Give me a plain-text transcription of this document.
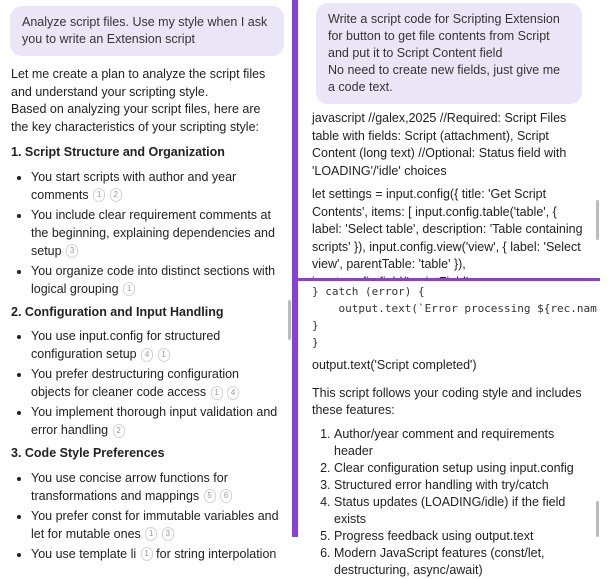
Analyze script files. Use my style when I ask you to write an Extension script

Let me create a plan to analyze the script files and understand your scripting style.

Based on analyzing your script files, here are the key characteristics of your scripting style:

1. Script Structure and Organization
• You start scripts with author and year comments 1 2
• You include clear requirement comments at the beginning, explaining dependencies and setup 3
• You organize code into distinct sections with logical grouping 1
2. Configuration and Input Handling
• You use input.config for structured configuration setup 4 1
• You prefer destructuring configuration objects for cleaner code access 1 4
• You implement thorough input validation and error handling 2
3. Code Style Preferences
• You use concise arrow functions for transformations and mappings 5 6
• You prefer const for immutable variables and let for mutable ones 1 3
• You use template li 1 for string interpolation
Write a script code for Scripting Extension for button to get file contents from Script and put it to Script Content field
No need to create new fields, just give me a code text.

javascript //galex,2025 //Required: Script Files table with fields: Script (attachment), Script Content (long text) //Optional: Status field with 'LOADING'/'idle' choices

let settings = input.config({ title: 'Get Script Contents', items: [ input.config.table('table', { label: 'Select table', description: 'Table containing scripts' }), input.config.view('view', { label: 'Select view', parentTable: 'table' }),

} catch (error) {
output.text(`Error processing ${rec.nam
}
}

output.text('Script completed')

This script follows your coding style and includes these features:

1. Author/year comment and requirements header
2. Clear configuration setup using input.config
3. Structured error handling with try/catch
4. Status updates (LOADING/idle) if the field exists
5. Progress feedback using output.text
6. Modern JavaScript features (const/let, destructuring, async/await)
